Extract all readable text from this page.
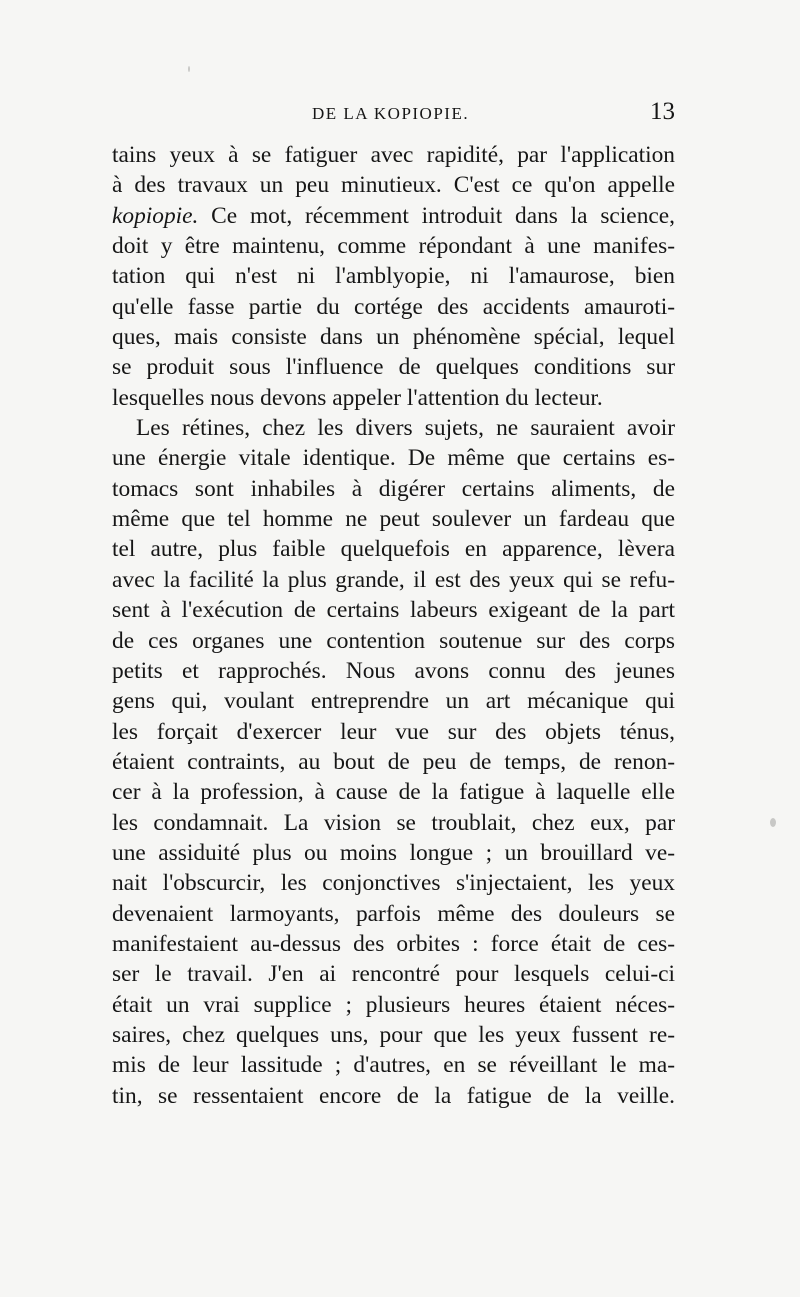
DE LA KOPIOPIE.	13
tains yeux à se fatiguer avec rapidité, par l'application
à des travaux un peu minutieux. C'est ce qu'on appelle
kopiopie. Ce mot, récemment introduit dans la science,
doit y être maintenu, comme répondant à une manifes-
tation qui n'est ni l'amblyopie, ni l'amaurose, bien
qu'elle fasse partie du cortége des accidents amauroti-
ques, mais consiste dans un phénomène spécial, lequel
se produit sous l'influence de quelques conditions sur
lesquelles nous devons appeler l'attention du lecteur.
Les rétines, chez les divers sujets, ne sauraient avoir
une énergie vitale identique. De même que certains es-
tomacs sont inhabiles à digérer certains aliments, de
même que tel homme ne peut soulever un fardeau que
tel autre, plus faible quelquefois en apparence, lèvera
avec la facilité la plus grande, il est des yeux qui se refu-
sent à l'exécution de certains labeurs exigeant de la part
de ces organes une contention soutenue sur des corps
petits et rapprochés. Nous avons connu des jeunes
gens qui, voulant entreprendre un art mécanique qui
les forçait d'exercer leur vue sur des objets ténus,
étaient contraints, au bout de peu de temps, de renon-
cer à la profession, à cause de la fatigue à laquelle elle
les condamnait. La vision se troublait, chez eux, par
une assiduité plus ou moins longue ; un brouillard ve-
nait l'obscurcir, les conjonctives s'injectaient, les yeux
devenaient larmoyants, parfois même des douleurs se
manifestaient au-dessus des orbites : force était de ces-
ser le travail. J'en ai rencontré pour lesquels celui-ci
était un vrai supplice ; plusieurs heures étaient néces-
saires, chez quelques uns, pour que les yeux fussent re-
mis de leur lassitude ; d'autres, en se réveillant le ma-
tin, se ressentaient encore de la fatigue de la veille.
